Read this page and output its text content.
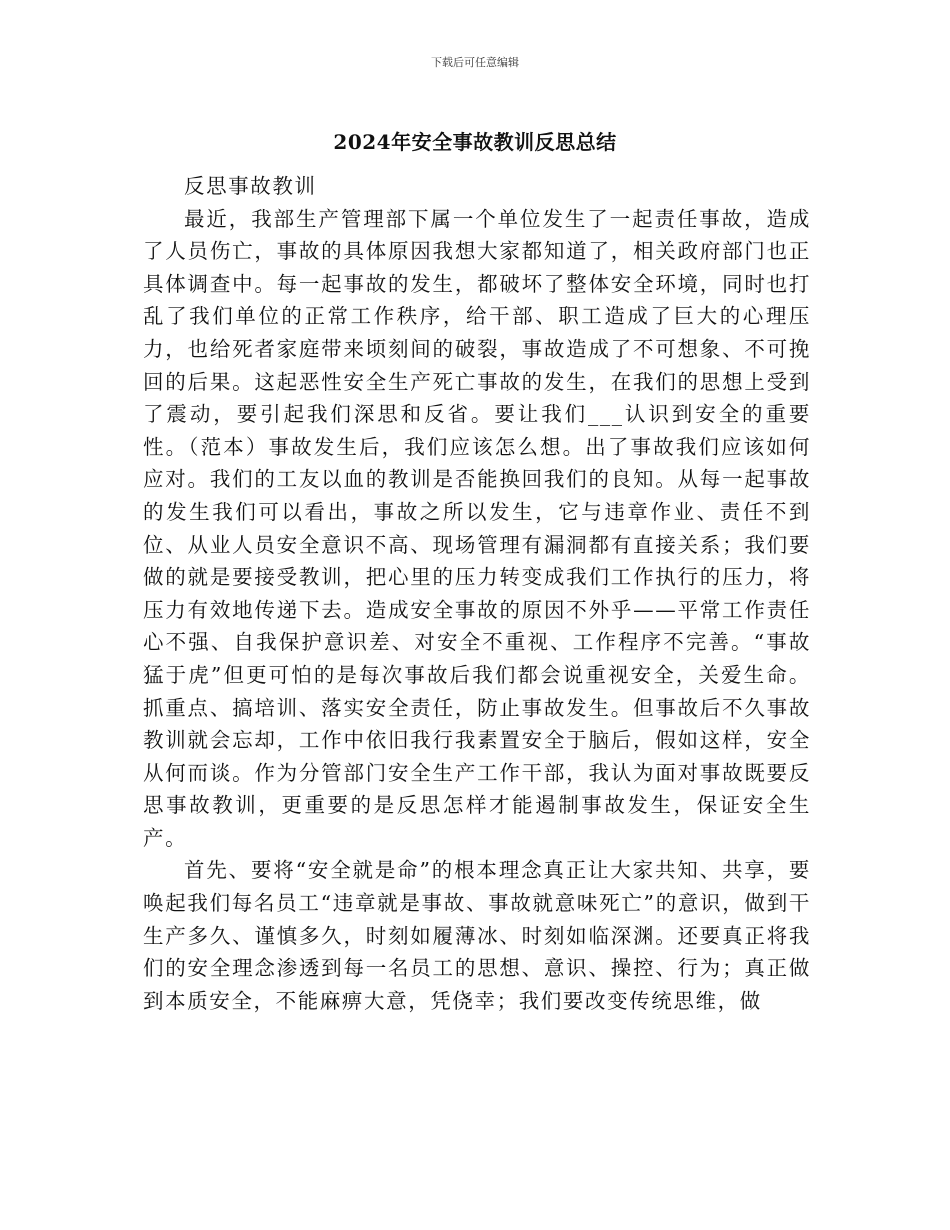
下载后可任意编辑
2024年安全事故教训反思总结

反思事故教训

最近，我部生产管理部下属一个单位发生了一起责任事故，造成了人员伤亡，事故的具体原因我想大家都知道了，相关政府部门也正具体调查中。每一起事故的发生，都破坏了整体安全环境，同时也打乱了我们单位的正常工作秩序，给干部、职工造成了巨大的心理压力，也给死者家庭带来顷刻间的破裂，事故造成了不可想象、不可挽回的后果。这起恶性安全生产死亡事故的发生，在我们的思想上受到了震动，要引起我们深思和反省。要让我们___认识到安全的重要性。（范本）事故发生后，我们应该怎么想。出了事故我们应该如何应对。我们的工友以血的教训是否能换回我们的良知。从每一起事故的发生我们可以看出，事故之所以发生，它与违章作业、责任不到位、从业人员安全意识不高、现场管理有漏洞都有直接关系；我们要做的就是要接受教训，把心里的压力转变成我们工作执行的压力，将压力有效地传递下去。造成安全事故的原因不外乎——平常工作责任心不强、自我保护意识差、对安全不重视、工作程序不完善。“事故猛于虎”但更可怕的是每次事故后我们都会说重视安全，关爱生命。抓重点、搞培训、落实安全责任，防止事故发生。但事故后不久事故教训就会忘却，工作中依旧我行我素置安全于脑后，假如这样，安全从何而谈。作为分管部门安全生产工作干部，我认为面对事故既要反思事故教训，更重要的是反思怎样才能遏制事故发生，保证安全生产。

首先、要将“安全就是命”的根本理念真正让大家共知、共享，要唤起我们每名员工“违章就是事故、事故就意味死亡”的意识，做到干生产多久、谨慎多久，时刻如履薄冰、时刻如临深渊。还要真正将我们的安全理念渗透到每一名员工的思想、意识、操控、行为；真正做到本质安全，不能麻痹大意，凭侥幸；我们要改变传统思维，做
